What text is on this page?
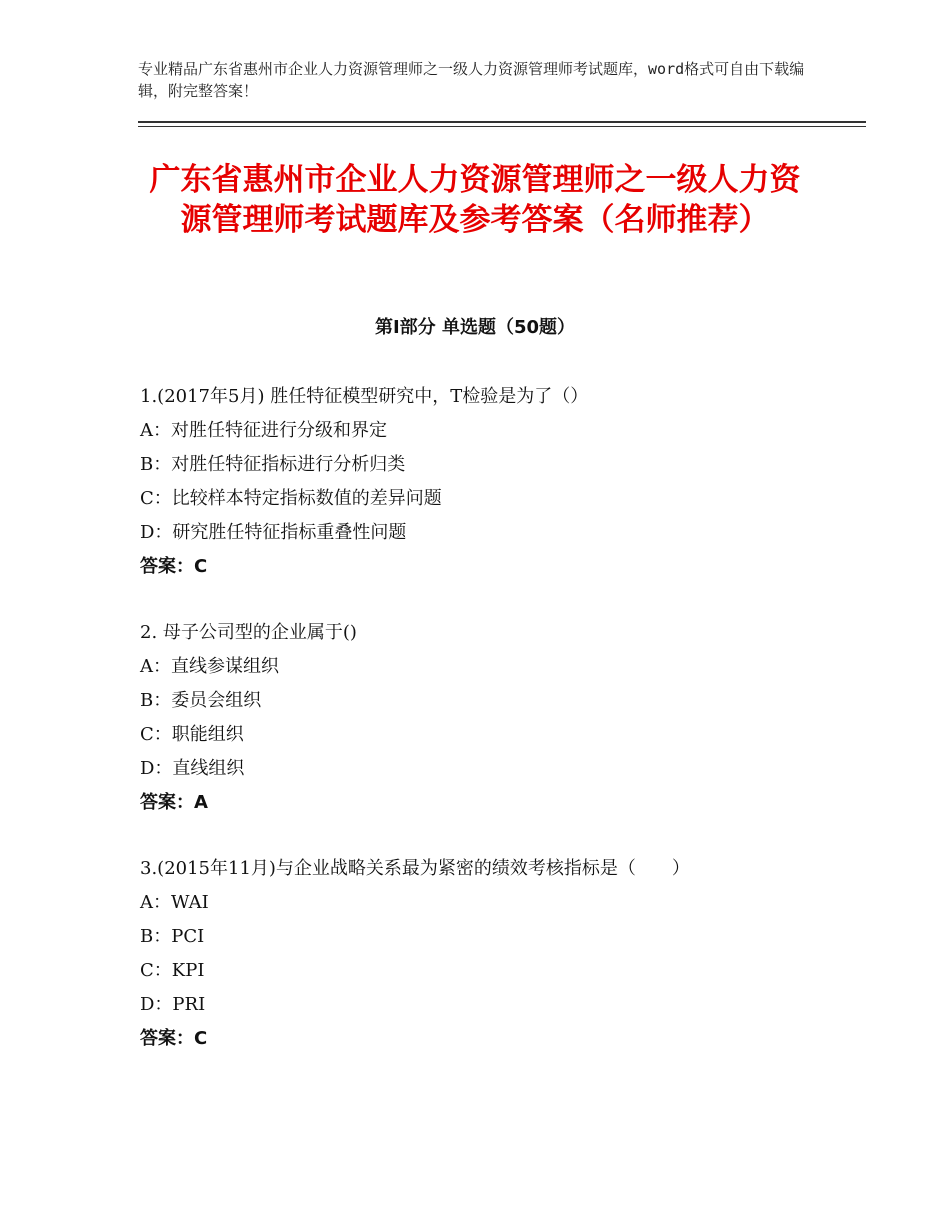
专业精品广东省惠州市企业人力资源管理师之一级人力资源管理师考试题库，word格式可自由下载编辑，附完整答案！
广东省惠州市企业人力资源管理师之一级人力资源管理师考试题库及参考答案（名师推荐）
第Ⅰ部分 单选题（50题）
1.(2017年5月) 胜任特征模型研究中，T检验是为了（）
A：对胜任特征进行分级和界定
B：对胜任特征指标进行分析归类
C：比较样本特定指标数值的差异问题
D：研究胜任特征指标重叠性问题
答案：C
2. 母子公司型的企业属于()
A：直线参谋组织
B：委员会组织
C：职能组织
D：直线组织
答案：A
3.(2015年11月)与企业战略关系最为紧密的绩效考核指标是（　　）
A：WAI
B：PCI
C：KPI
D：PRI
答案：C
